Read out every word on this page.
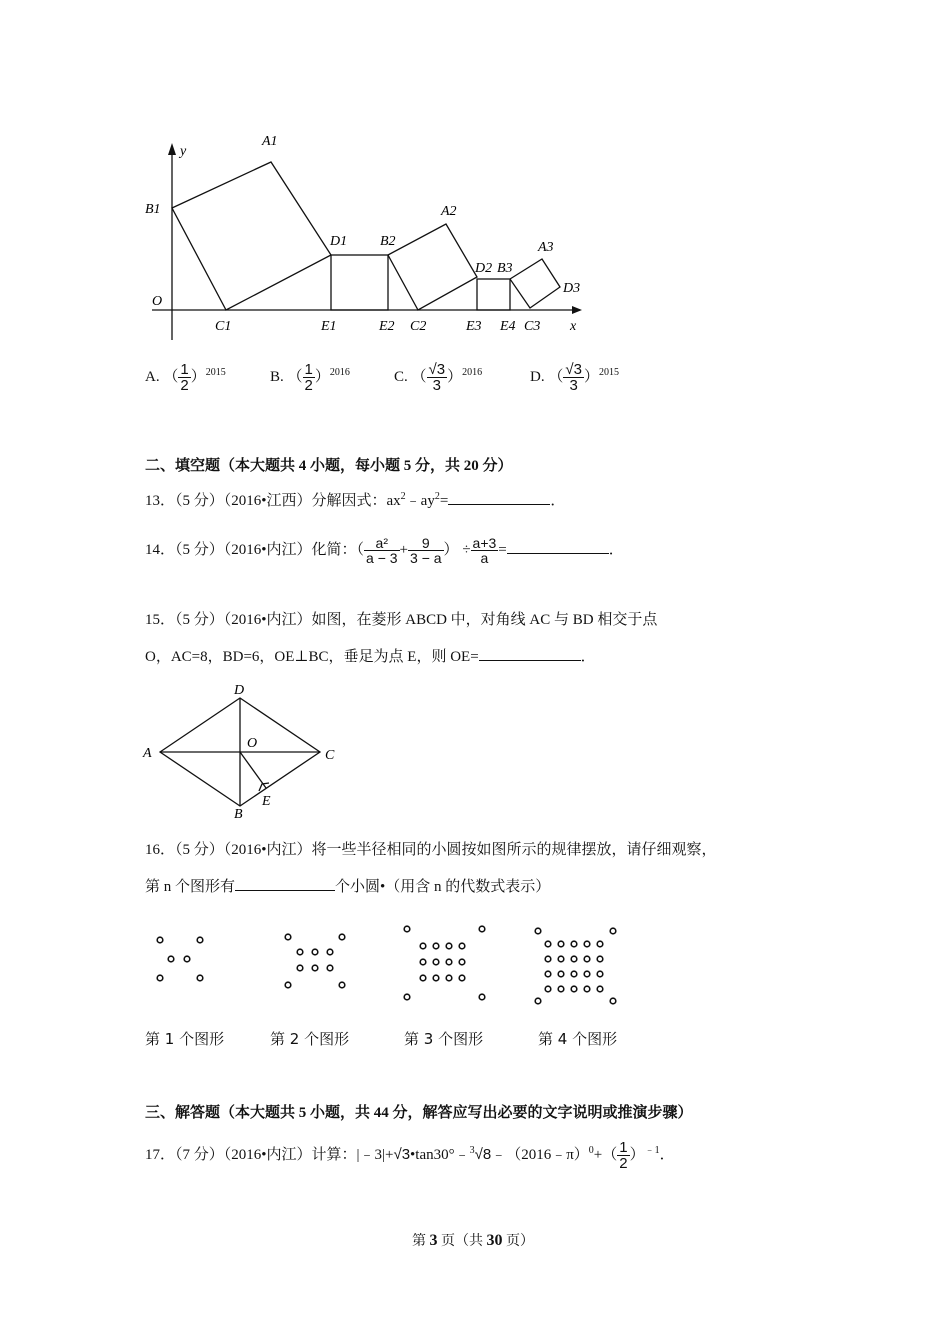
y
A1
B1
O
C1
D1
E1
B2
E2
A2
C2
D2 B3
E3 E4 C3
A3
D3
x
A. （ $\frac{1}{2} )^{2015}$	B. （ $\frac{1}{2} )^{2016}$	C. （ $\frac{√3}{3} )^{2016}$	D. （ $\frac{√3}{3} )^{2015}$
二、填空题（本大题共 4 小题，每小题 5 分，共 20 分）
13．（5 分）（2016•江西）分解因式：$ax^2﹣ay^2=$	．
14．（5 分）（2016•内江）化简：（ $\frac{\text{a²}}{a - 3} + \frac{9}{3 - a}$ ） ÷ $\frac{a+3}{a}$ =	．
15．（5 分）（2016•内江）如图，在菱形 ABCD 中，对角线 AC 与 BD 相交于点
O，AC=8，BD=6，OE⊥BC，垂足为点 E，则 OE=	．
D
A
O
C
E
B
16．（5 分）（2016•内江）将一些半径相同的小圆按如图所示的规律摆放，请仔细观察，
第 n 个图形有	个小圆•（用含 n 的代数式表示）
第 1 个图形	第 2 个图形	第 3 个图形	第 4 个图形
三、解答题（本大题共 5 小题，共 44 分，解答应写出必要的文字说明或推演步骤）
17．（7 分）（2016•内江）计算：|﹣3|+√3•tan30°﹣$^3$√8﹣（2016﹣π）$^0$+（ $\frac{1}{2} )^{﹣1}$．
第 3 页（共 30 页）
